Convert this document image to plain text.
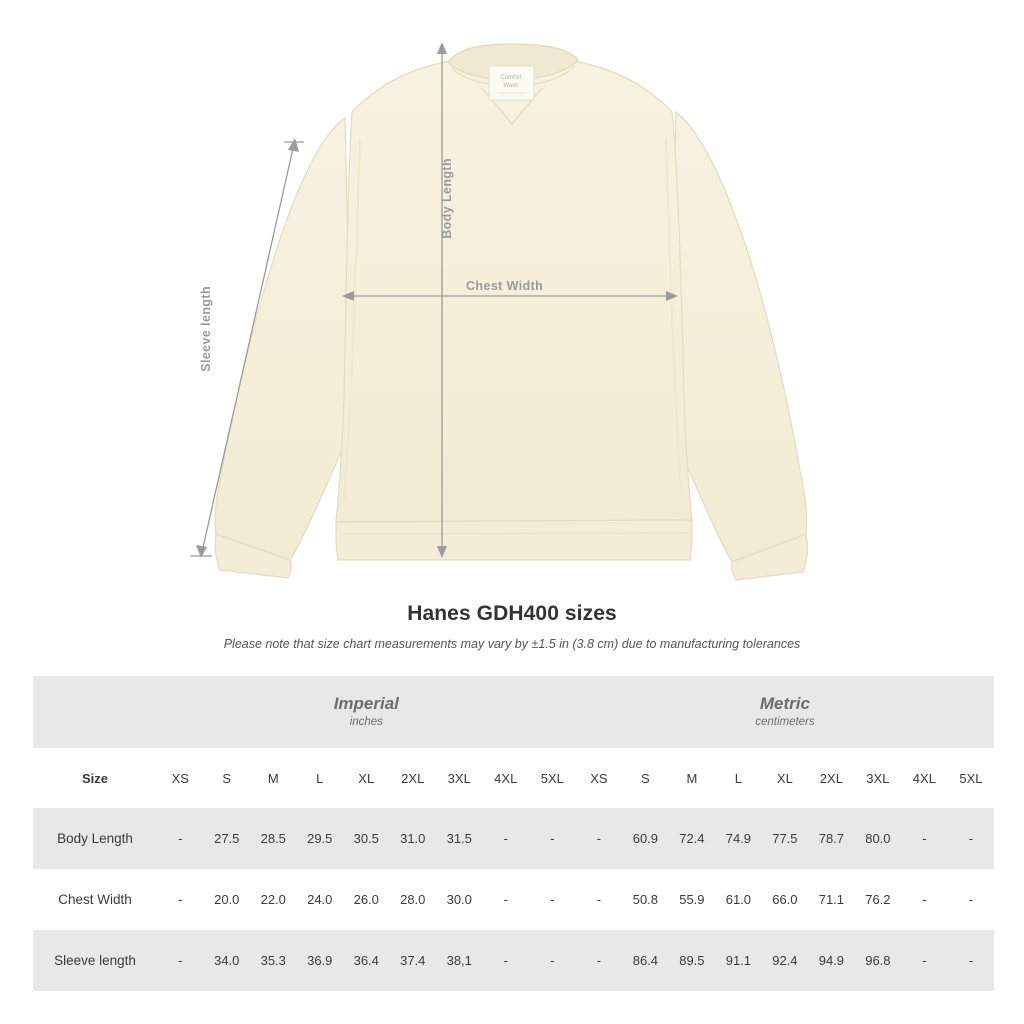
Comfort
Wash
Body Length
Chest Width
Sleeve length
Hanes GDH400 sizes

Please note that size chart measurements may vary by ±1.5 in (3.8 cm) due to manufacturing tolerances

Imperial
inches

Metric
centimeters

Size	XS	S	M	L	XL	2XL	3XL	4XL	5XL	XS	S	M	L	XL	2XL	3XL	4XL	5XL
Body Length	-	27.5	28.5	29.5	30.5	31.0	31.5	-	-	-	60.9	72.4	74.9	77.5	78.7	80.0	-	-
Chest Width	-	20.0	22.0	24.0	26.0	28.0	30.0	-	-	-	50.8	55.9	61.0	66.0	71.1	76.2	-	-
Sleeve length	-	34.0	35.3	36.9	36.4	37.4	38,1	-	-	-	86.4	89.5	91.1	92.4	94.9	96.8	-	-
